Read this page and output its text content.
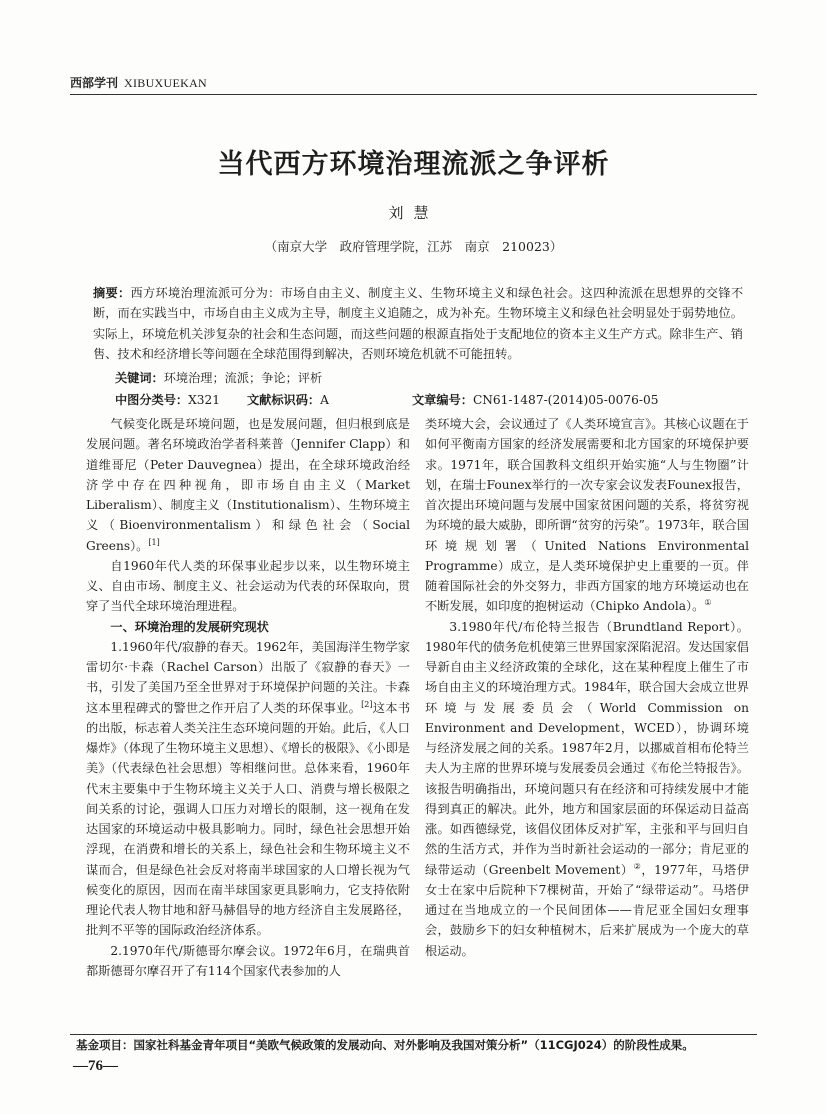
西部学刊 XIBUXUEKAN
当代西方环境治理流派之争评析
刘慧
（南京大学　政府管理学院，江苏　南京　210023）
摘要：西方环境治理流派可分为：市场自由主义、制度主义、生物环境主义和绿色社会。这四种流派在思想界的交锋不断，而在实践当中，市场自由主义成为主导，制度主义追随之，成为补充。生物环境主义和绿色社会明显处于弱势地位。实际上，环境危机关涉复杂的社会和生态问题，而这些问题的根源直指处于支配地位的资本主义生产方式。除非生产、销售、技术和经济增长等问题在全球范围得到解决，否则环境危机就不可能扭转。
关键词：环境治理；流派；争论；评析
中图分类号：X321 文献标识码：A	文章编号：CN61-1487-(2014)05-0076-05

气候变化既是环境问题，也是发展问题，但归根到底是发展问题。著名环境政治学者科莱普（Jennifer Clapp）和道维哥尼（Peter Dauvegnea）提出，在全球环境政治经济学中存在四种视角，即市场自由主义（Market Liberalism）、制度主义（Institutionalism）、生物环境主义（Bioenvironmentalism）和绿色社会（Social Greens）。[1]

自1960年代人类的环保事业起步以来，以生物环境主义、自由市场、制度主义、社会运动为代表的环保取向，贯穿了当代全球环境治理进程。

一、环境治理的发展研究现状

1.1960年代/寂静的春天。1962年，美国海洋生物学家雷切尔·卡森（Rachel Carson）出版了《寂静的春天》一书，引发了美国乃至全世界对于环境保护问题的关注。卡森这本里程碑式的警世之作开启了人类的环保事业。[2]这本书的出版，标志着人类关注生态环境问题的开始。此后，《人口爆炸》（体现了生物环境主义思想）、《增长的极限》、《小即是美》（代表绿色社会思想）等相继问世。总体来看，1960年代末主要集中于生物环境主义关于人口、消费与增长极限之间关系的讨论，强调人口压力对增长的限制，这一视角在发达国家的环境运动中极具影响力。同时，绿色社会思想开始浮现，在消费和增长的关系上，绿色社会和生物环境主义不谋而合，但是绿色社会反对将南半球国家的人口增长视为气候变化的原因，因而在南半球国家更具影响力，它支持依附理论代表人物甘地和舒马赫倡导的地方经济自主发展路径，批判不平等的国际政治经济体系。

2.1970年代/斯德哥尔摩会议。1972年6月，在瑞典首都斯德哥尔摩召开了有114个国家代表参加的人

类环境大会，会议通过了《人类环境宣言》。其核心议题在于如何平衡南方国家的经济发展需要和北方国家的环境保护要求。1971年，联合国教科文组织开始实施“人与生物圈”计划，在瑞士Founex举行的一次专家会议发表Founex报告，首次提出环境问题与发展中国家贫困问题的关系，将贫穷视为环境的最大威胁，即所谓“贫穷的污染”。1973年，联合国环境规划署（United Nations Environmental Programme）成立，是人类环境保护史上重要的一页。伴随着国际社会的外交努力，非西方国家的地方环境运动也在不断发展，如印度的抱树运动（Chipko Andola）。①

3.1980年代/布伦特兰报告（Brundtland Report）。1980年代的债务危机使第三世界国家深陷泥沼。发达国家倡导新自由主义经济政策的全球化，这在某种程度上催生了市场自由主义的环境治理方式。1984年，联合国大会成立世界环境与发展委员会（World Commission on Environment and Development，WCED），协调环境与经济发展之间的关系。1987年2月，以挪威首相布伦特兰夫人为主席的世界环境与发展委员会通过《布伦兰特报告》。该报告明确指出，环境问题只有在经济和可持续发展中才能得到真正的解决。此外，地方和国家层面的环保运动日益高涨。如西德绿党，该倡仪团体反对扩军，主张和平与回归自然的生活方式，并作为当时新社会运动的一部分；肯尼亚的绿带运动（Greenbelt Movement）②，1977年，马塔伊女士在家中后院种下7棵树苗，开始了“绿带运动”。马塔伊通过在当地成立的一个民间团体——肯尼亚全国妇女理事会，鼓励乡下的妇女种植树木，后来扩展成为一个庞大的草根运动。

基金项目：国家社科基金青年项目“美欧气候政策的发展动向、对外影响及我国对策分析”（11CGJ024）的阶段性成果。
—76—
